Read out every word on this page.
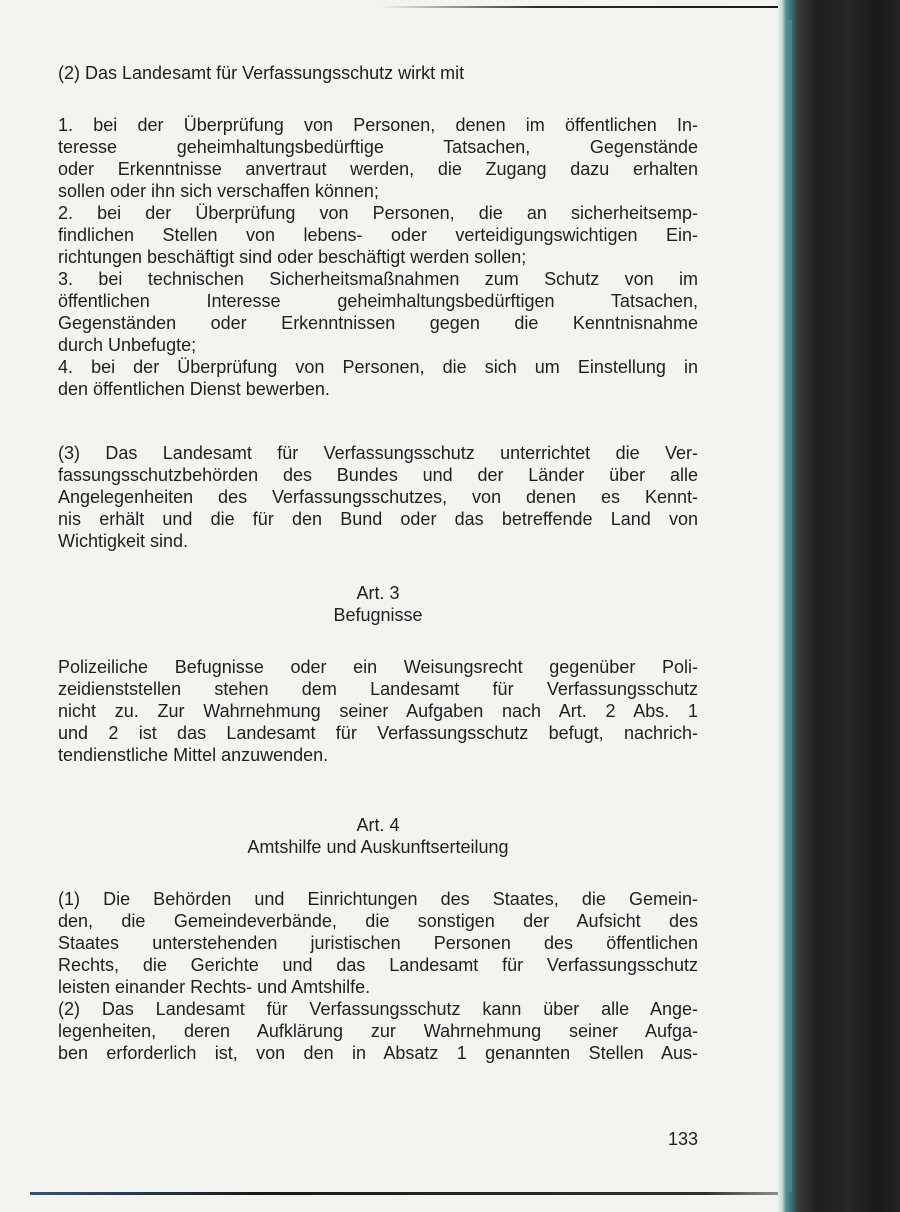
(2) Das Landesamt für Verfassungsschutz wirkt mit
1. bei der Überprüfung von Personen, denen im öffentlichen In-
teresse geheimhaltungsbedürftige Tatsachen, Gegenstände
oder Erkenntnisse anvertraut werden, die Zugang dazu erhalten
sollen oder ihn sich verschaffen können;
2. bei der Überprüfung von Personen, die an sicherheitsemp-
findlichen Stellen von lebens- oder verteidigungswichtigen Ein-
richtungen beschäftigt sind oder beschäftigt werden sollen;
3. bei technischen Sicherheitsmaßnahmen zum Schutz von im
öffentlichen Interesse geheimhaltungsbedürftigen Tatsachen,
Gegenständen oder Erkenntnissen gegen die Kenntnisnahme
durch Unbefugte;
4. bei der Überprüfung von Personen, die sich um Einstellung in
den öffentlichen Dienst bewerben.
(3) Das Landesamt für Verfassungsschutz unterrichtet die Ver-
fassungsschutzbehörden des Bundes und der Länder über alle
Angelegenheiten des Verfassungsschutzes, von denen es Kennt-
nis erhält und die für den Bund oder das betreffende Land von
Wichtigkeit sind.
Art. 3
Befugnisse
Polizeiliche Befugnisse oder ein Weisungsrecht gegenüber Poli-
zeidienststellen stehen dem Landesamt für Verfassungsschutz
nicht zu. Zur Wahrnehmung seiner Aufgaben nach Art. 2 Abs. 1
und 2 ist das Landesamt für Verfassungsschutz befugt, nachrich-
tendienstliche Mittel anzuwenden.
Art. 4
Amtshilfe und Auskunftserteilung
(1) Die Behörden und Einrichtungen des Staates, die Gemein-
den, die Gemeindeverbände, die sonstigen der Aufsicht des
Staates unterstehenden juristischen Personen des öffentlichen
Rechts, die Gerichte und das Landesamt für Verfassungsschutz
leisten einander Rechts- und Amtshilfe.
(2) Das Landesamt für Verfassungsschutz kann über alle Ange-
legenheiten, deren Aufklärung zur Wahrnehmung seiner Aufga-
ben erforderlich ist, von den in Absatz 1 genannten Stellen Aus-
133
